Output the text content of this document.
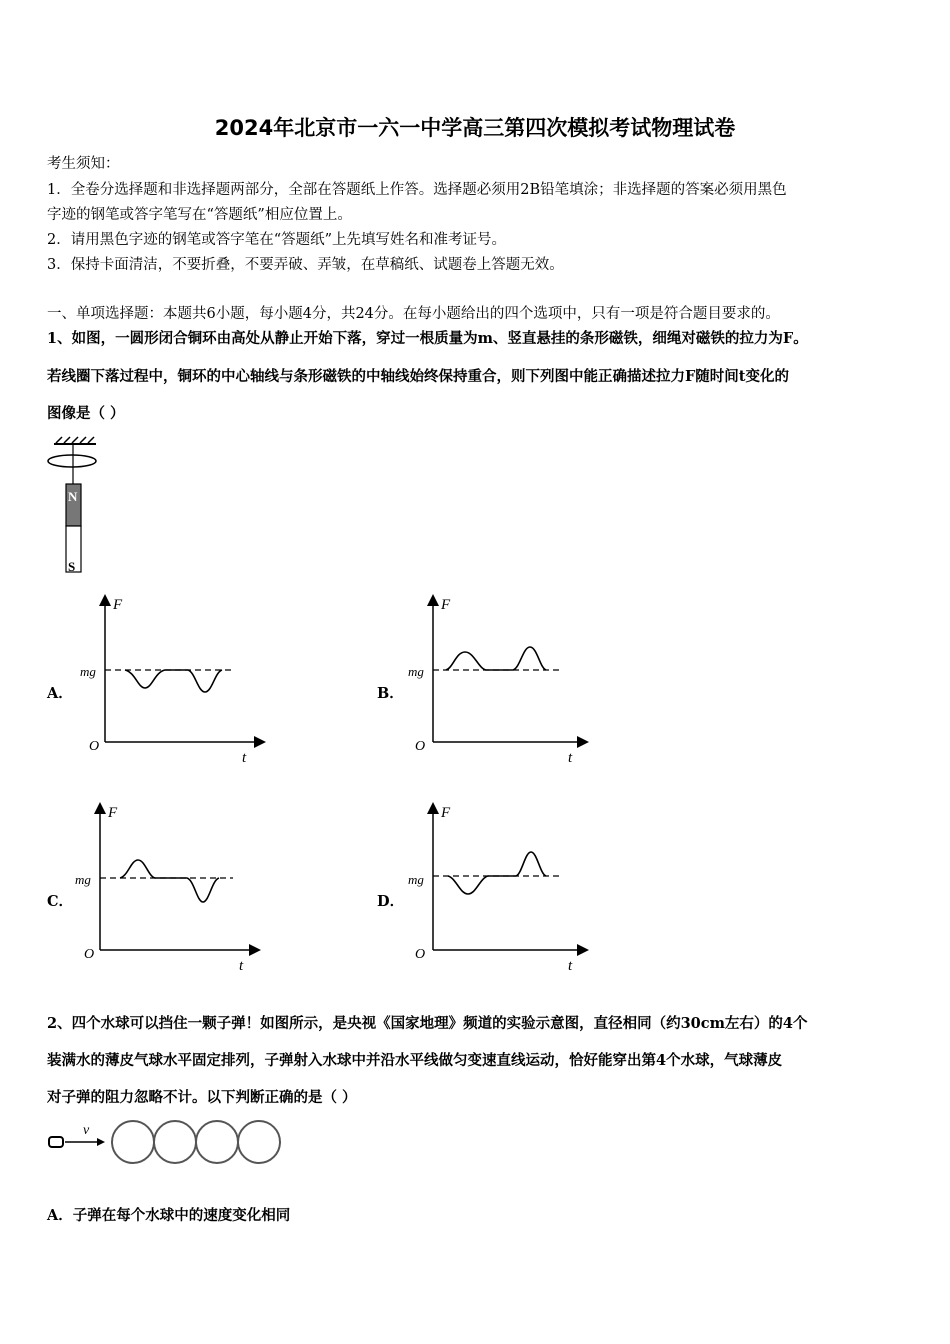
2024年北京市一六一中学高三第四次模拟考试物理试卷
考生须知：
1．全卷分选择题和非选择题两部分，全部在答题纸上作答。选择题必须用2B铅笔填涂；非选择题的答案必须用黑色
字迹的钢笔或答字笔写在“答题纸”相应位置上。
2．请用黑色字迹的钢笔或答字笔在“答题纸”上先填写姓名和准考证号。
3．保持卡面清洁，不要折叠，不要弄破、弄皱，在草稿纸、试题卷上答题无效。
一、单项选择题：本题共6小题，每小题4分，共24分。在每小题给出的四个选项中，只有一项是符合题目要求的。
1、如图，一圆形闭合铜环由高处从静止开始下落，穿过一根质量为m、竖直悬挂的条形磁铁，细绳对磁铁的拉力为F。
若线圈下落过程中，铜环的中心轴线与条形磁铁的中轴线始终保持重合，则下列图中能正确描述拉力F随时间t变化的
图像是（ ）
N
S
A．
F
t
O
mg
B．
F
t
O
mg
C．
F
t
O
mg
D．
F
t
O
mg
2、四个水球可以挡住一颗子弹！如图所示，是央视《国家地理》频道的实验示意图，直径相同（约30cm左右）的4个
装满水的薄皮气球水平固定排列，子弹射入水球中并沿水平线做匀变速直线运动，恰好能穿出第4个水球，气球薄皮
对子弹的阻力忽略不计。以下判断正确的是（ ）
v
A．子弹在每个水球中的速度变化相同
